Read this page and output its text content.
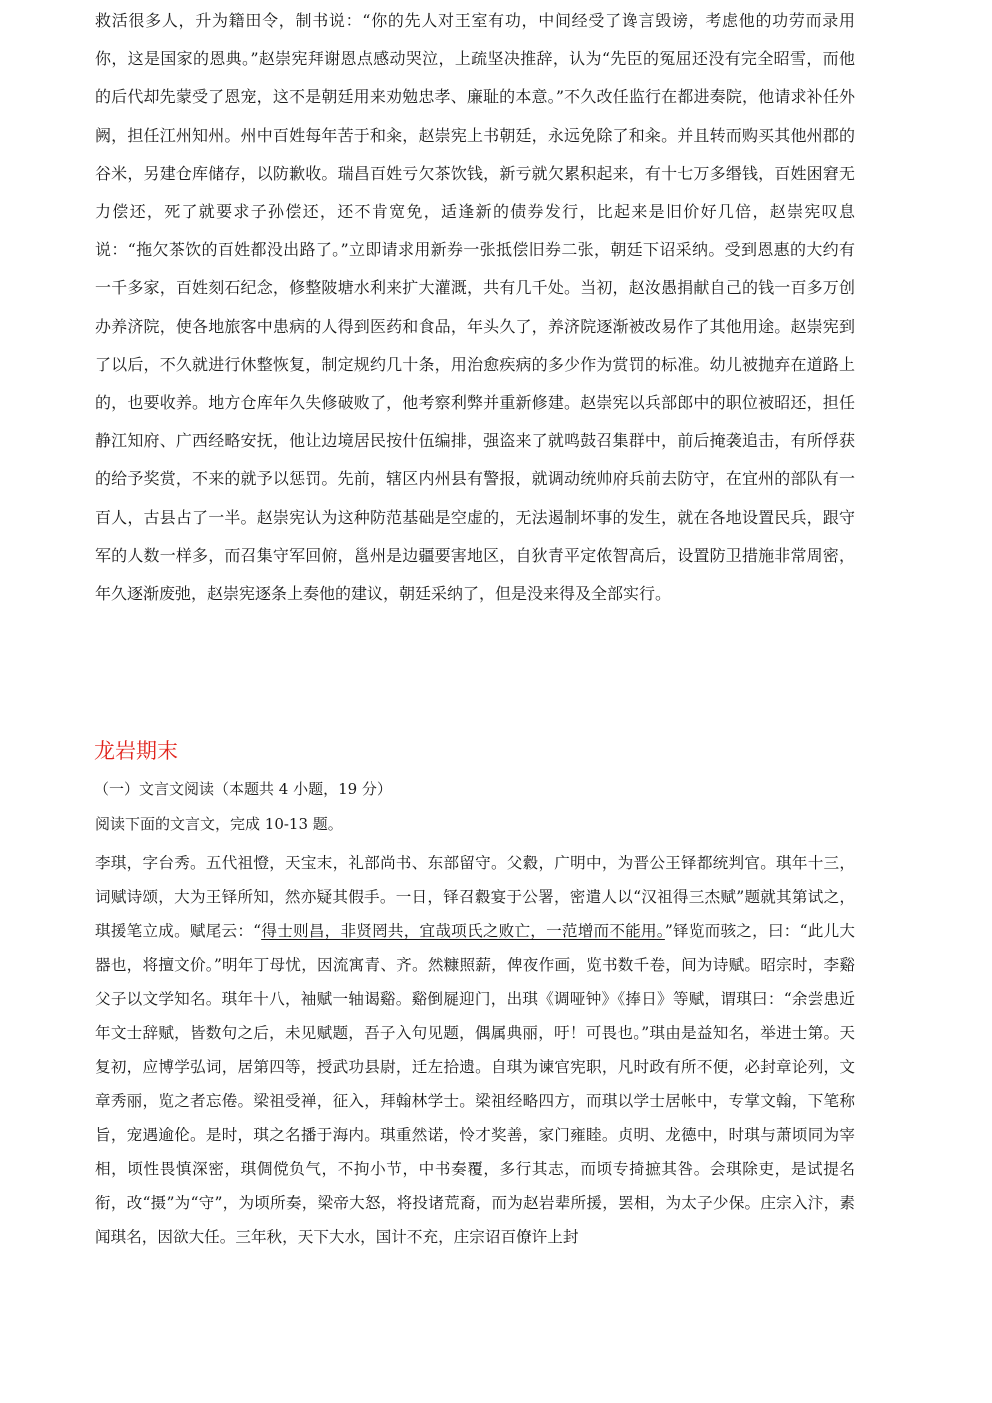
救活很多人，升为籍田令，制书说：“你的先人对王室有功，中间经受了谗言毁谤，考虑他的功劳而录用你，这是国家的恩典。”赵崇宪拜谢恩点感动哭泣，上疏坚决推辞，认为“先臣的冤屈还没有完全昭雪，而他的后代却先蒙受了恩宠，这不是朝廷用来劝勉忠孝、廉耻的本意。”不久改任监行在都进奏院，他请求补任外阙，担任江州知州。州中百姓每年苦于和籴，赵崇宪上书朝廷，永远免除了和籴。并且转而购买其他州郡的谷米，另建仓库储存，以防歉收。瑞昌百姓亏欠茶饮钱，新亏就欠累积起来，有十七万多缗钱，百姓困窘无力偿还，死了就要求子孙偿还，还不肯宽免，适逢新的债券发行，比起来是旧价好几倍，赵崇宪叹息说：“拖欠茶饮的百姓都没出路了。”立即请求用新券一张抵偿旧券二张，朝廷下诏采纳。受到恩惠的大约有一千多家，百姓刻石纪念，修整陂塘水利来扩大灌溉，共有几千处。当初，赵汝愚捐献自己的钱一百多万创办养济院，使各地旅客中患病的人得到医药和食品，年头久了，养济院逐渐被改易作了其他用途。赵崇宪到了以后，不久就进行休整恢复，制定规约几十条，用治愈疾病的多少作为赏罚的标准。幼儿被抛弃在道路上的，也要收养。地方仓库年久失修破败了，他考察利弊并重新修建。赵崇宪以兵部郎中的职位被昭还，担任静江知府、广西经略安抚，他让边境居民按什伍编排，强盗来了就鸣鼓召集群中，前后掩袭追击，有所俘获的给予奖赏，不来的就予以惩罚。先前，辖区内州县有警报，就调动统帅府兵前去防守，在宜州的部队有一百人，古县占了一半。赵崇宪认为这种防范基础是空虚的，无法遏制坏事的发生，就在各地设置民兵，跟守军的人数一样多，而召集守军回俯，邕州是边疆要害地区，自狄青平定侬智高后，设置防卫措施非常周密，年久逐渐废弛，赵崇宪逐条上奏他的建议，朝廷采纳了，但是没来得及全部实行。

龙岩期末
（一）文言文阅读（本题共 4 小题，19 分）
阅读下面的文言文，完成 10-13 题。

李琪，字台秀。五代祖憕，天宝末，礼部尚书、东部留守。父縠，广明中，为晋公王铎都统判官。琪年十三，词赋诗颂，大为王铎所知，然亦疑其假手。一日，铎召縠宴于公署，密遣人以“汉祖得三杰赋”题就其第试之，琪援笔立成。赋尾云：“得士则昌，非贤罔共，宜哉项氏之败亡，一范增而不能用。”铎览而骇之，曰：“此儿大器也，将擅文价。”明年丁母忧，因流寓青、齐。然糠照薪，俾夜作画，览书数千卷，间为诗赋。昭宗时，李谿父子以文学知名。琪年十八，袖赋一轴谒谿。谿倒屣迎门，出琪《调哑钟》《捧日》等赋，谓琪曰：“余尝患近年文士辞赋，皆数句之后，未见赋题，吾子入句见题，偶属典丽，吁！可畏也。”琪由是益知名，举进士第。天复初，应博学弘词，居第四等，授武功县尉，迁左拾遗。自琪为谏官宪职，凡时政有所不便，必封章论列，文章秀丽，览之者忘倦。梁祖受禅，征入，拜翰林学士。梁祖经略四方，而琪以学士居帐中，专掌文翰，下笔称旨，宠遇逾伦。是时，琪之名播于海内。琪重然诺，怜才奖善，家门雍睦。贞明、龙德中，时琪与萧顷同为宰相，顷性畏慎深密，琪倜傥负气，不拘小节，中书奏覆，多行其志，而顷专掎摭其咎。会琪除吏，是试提名衔，改“摄”为“守”，为顷所奏，梁帝大怒，将投诸荒裔，而为赵岩辈所援，罢相，为太子少保。庄宗入汴，素闻琪名，因欲大任。三年秋，天下大水，国计不充，庄宗诏百僚许上封
